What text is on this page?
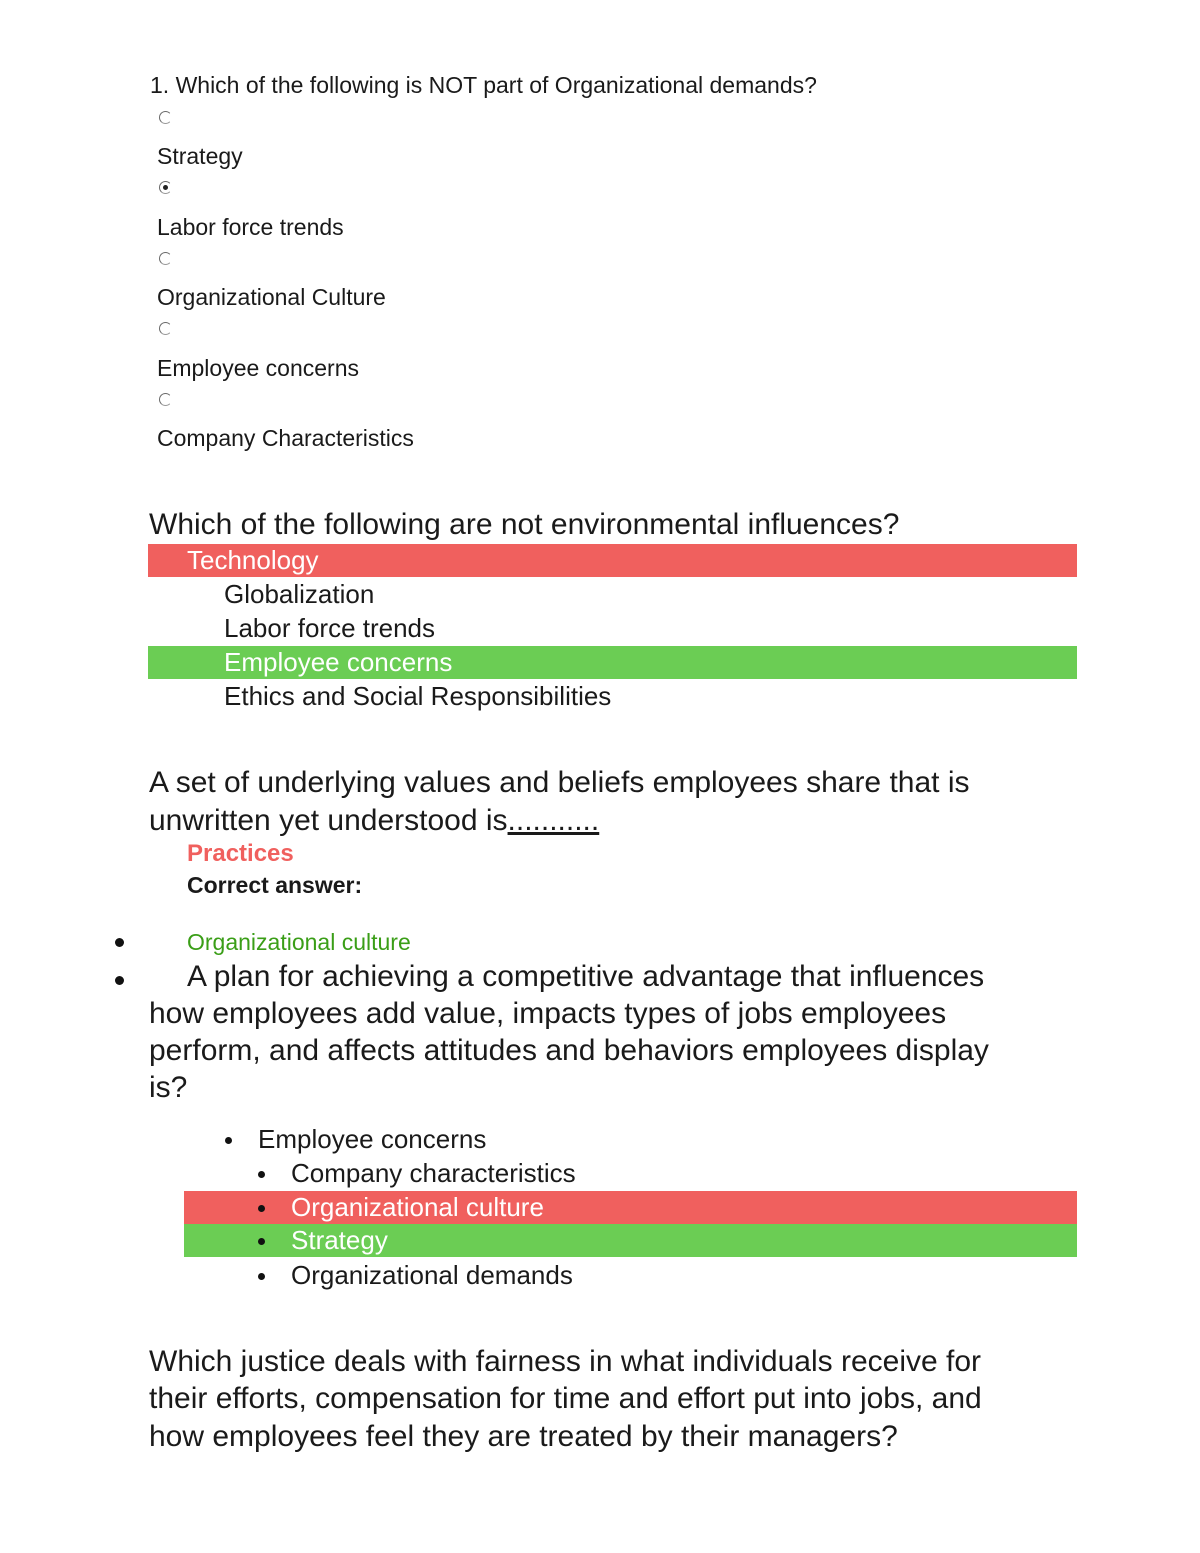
1. Which of the following is NOT part of Organizational demands?
Strategy
Labor force trends
Organizational Culture
Employee concerns
Company Characteristics
Which of the following are not environmental influences?
Technology
Globalization
Labor force trends
Employee concerns
Ethics and Social Responsibilities
A set of underlying values and beliefs employees share that is
unwritten yet understood is...........
Practices
Correct answer:
Organizational culture
A plan for achieving a competitive advantage that influences
how employees add value, impacts types of jobs employees
perform, and affects attitudes and behaviors employees display
is?
Employee concerns
Company characteristics
Organizational culture
Strategy
Organizational demands
Which justice deals with fairness in what individuals receive for
their efforts, compensation for time and effort put into jobs, and
how employees feel they are treated by their managers?
